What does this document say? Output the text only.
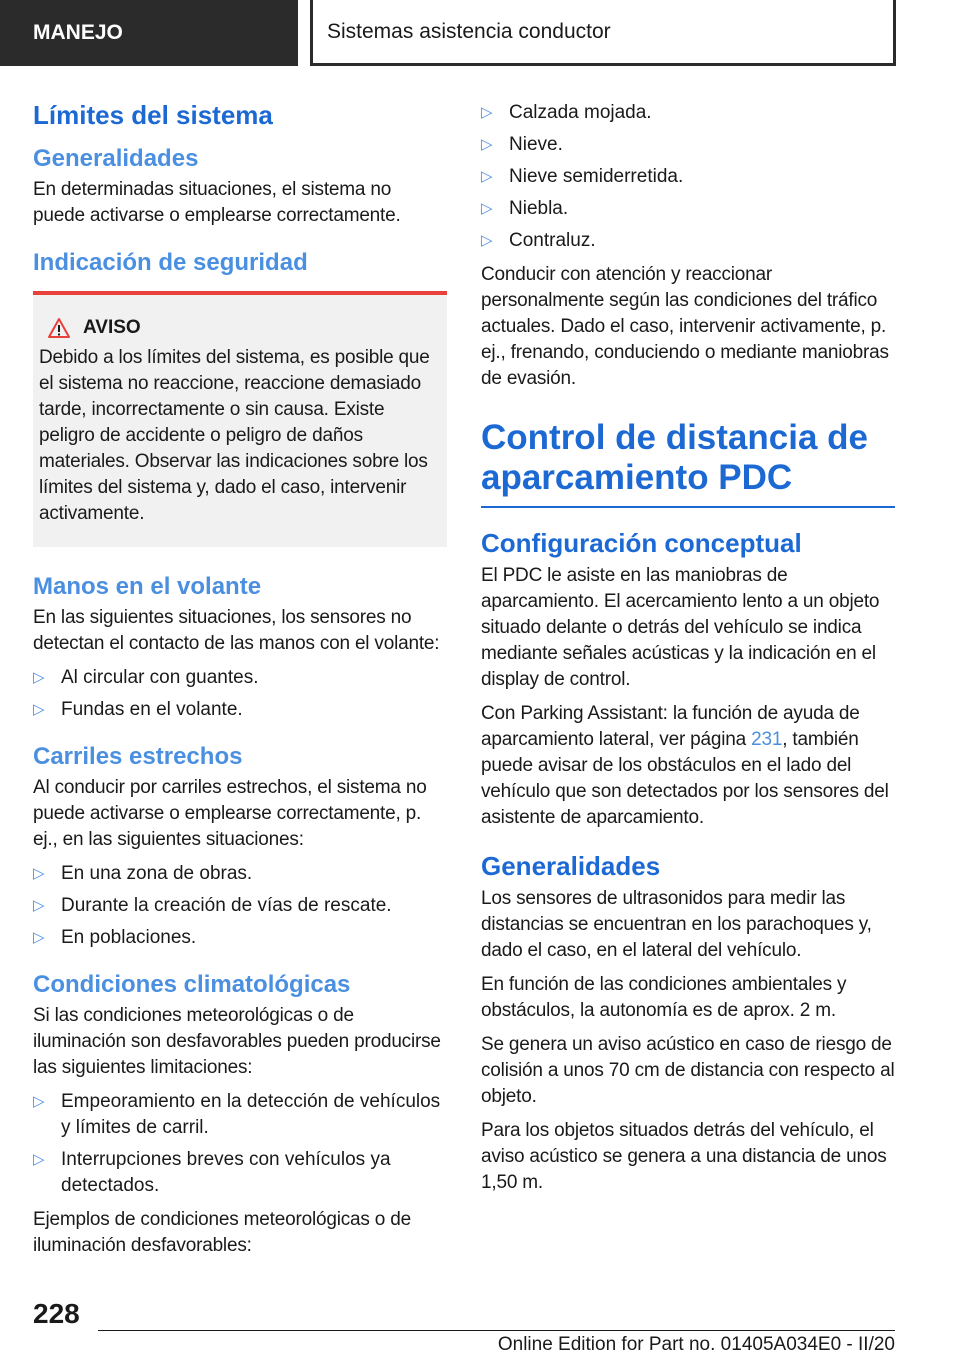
MANEJO	Sistemas asistencia conductor
Límites del sistema
Generalidades

En determinadas situaciones, el sistema no puede activarse o emplearse correctamente.

Indicación de seguridad
AVISO

Debido a los límites del sistema, es posible que el sistema no reaccione, reaccione demasiado tarde, incorrectamente o sin causa. Existe peligro de accidente o peligro de daños materiales. Observar las indicaciones sobre los límites del sistema y, dado el caso, intervenir activamente.

Manos en el volante

En las siguientes situaciones, los sensores no detectan el contacto de las manos con el volante:

▷ Al circular con guantes.
▷ Fundas en el volante.
Carriles estrechos

Al conducir por carriles estrechos, el sistema no puede activarse o emplearse correctamente, p. ej., en las siguientes situaciones:

▷ En una zona de obras.
▷ Durante la creación de vías de rescate.
▷ En poblaciones.
Condiciones climatológicas

Si las condiciones meteorológicas o de iluminación son desfavorables pueden producirse las siguientes limitaciones:

▷ Empeoramiento en la detección de vehículos y límites de carril.
▷ Interrupciones breves con vehículos ya detectados.

Ejemplos de condiciones meteorológicas o de iluminación desfavorables:

▷ Calzada mojada.
▷ Nieve.
▷ Nieve semiderretida.
▷ Niebla.
▷ Contraluz.

Conducir con atención y reaccionar personalmente según las condiciones del tráfico actuales. Dado el caso, intervenir activamente, p. ej., frenando, conduciendo o mediante maniobras de evasión.

Control de distancia de aparcamiento PDC
Configuración conceptual

El PDC le asiste en las maniobras de aparcamiento. El acercamiento lento a un objeto situado delante o detrás del vehículo se indica mediante señales acústicas y la indicación en el display de control.

Con Parking Assistant: la función de ayuda de aparcamiento lateral, ver página 231, también puede avisar de los obstáculos en el lado del vehículo que son detectados por los sensores del asistente de aparcamiento.

Generalidades

Los sensores de ultrasonidos para medir las distancias se encuentran en los parachoques y, dado el caso, en el lateral del vehículo.

En función de las condiciones ambientales y obstáculos, la autonomía es de aprox. 2 m.

Se genera un aviso acústico en caso de riesgo de colisión a unos 70 cm de distancia con respecto al objeto.

Para los objetos situados detrás del vehículo, el aviso acústico se genera a una distancia de unos 1,50 m.

228
Online Edition for Part no. 01405A034E0 - II/20
